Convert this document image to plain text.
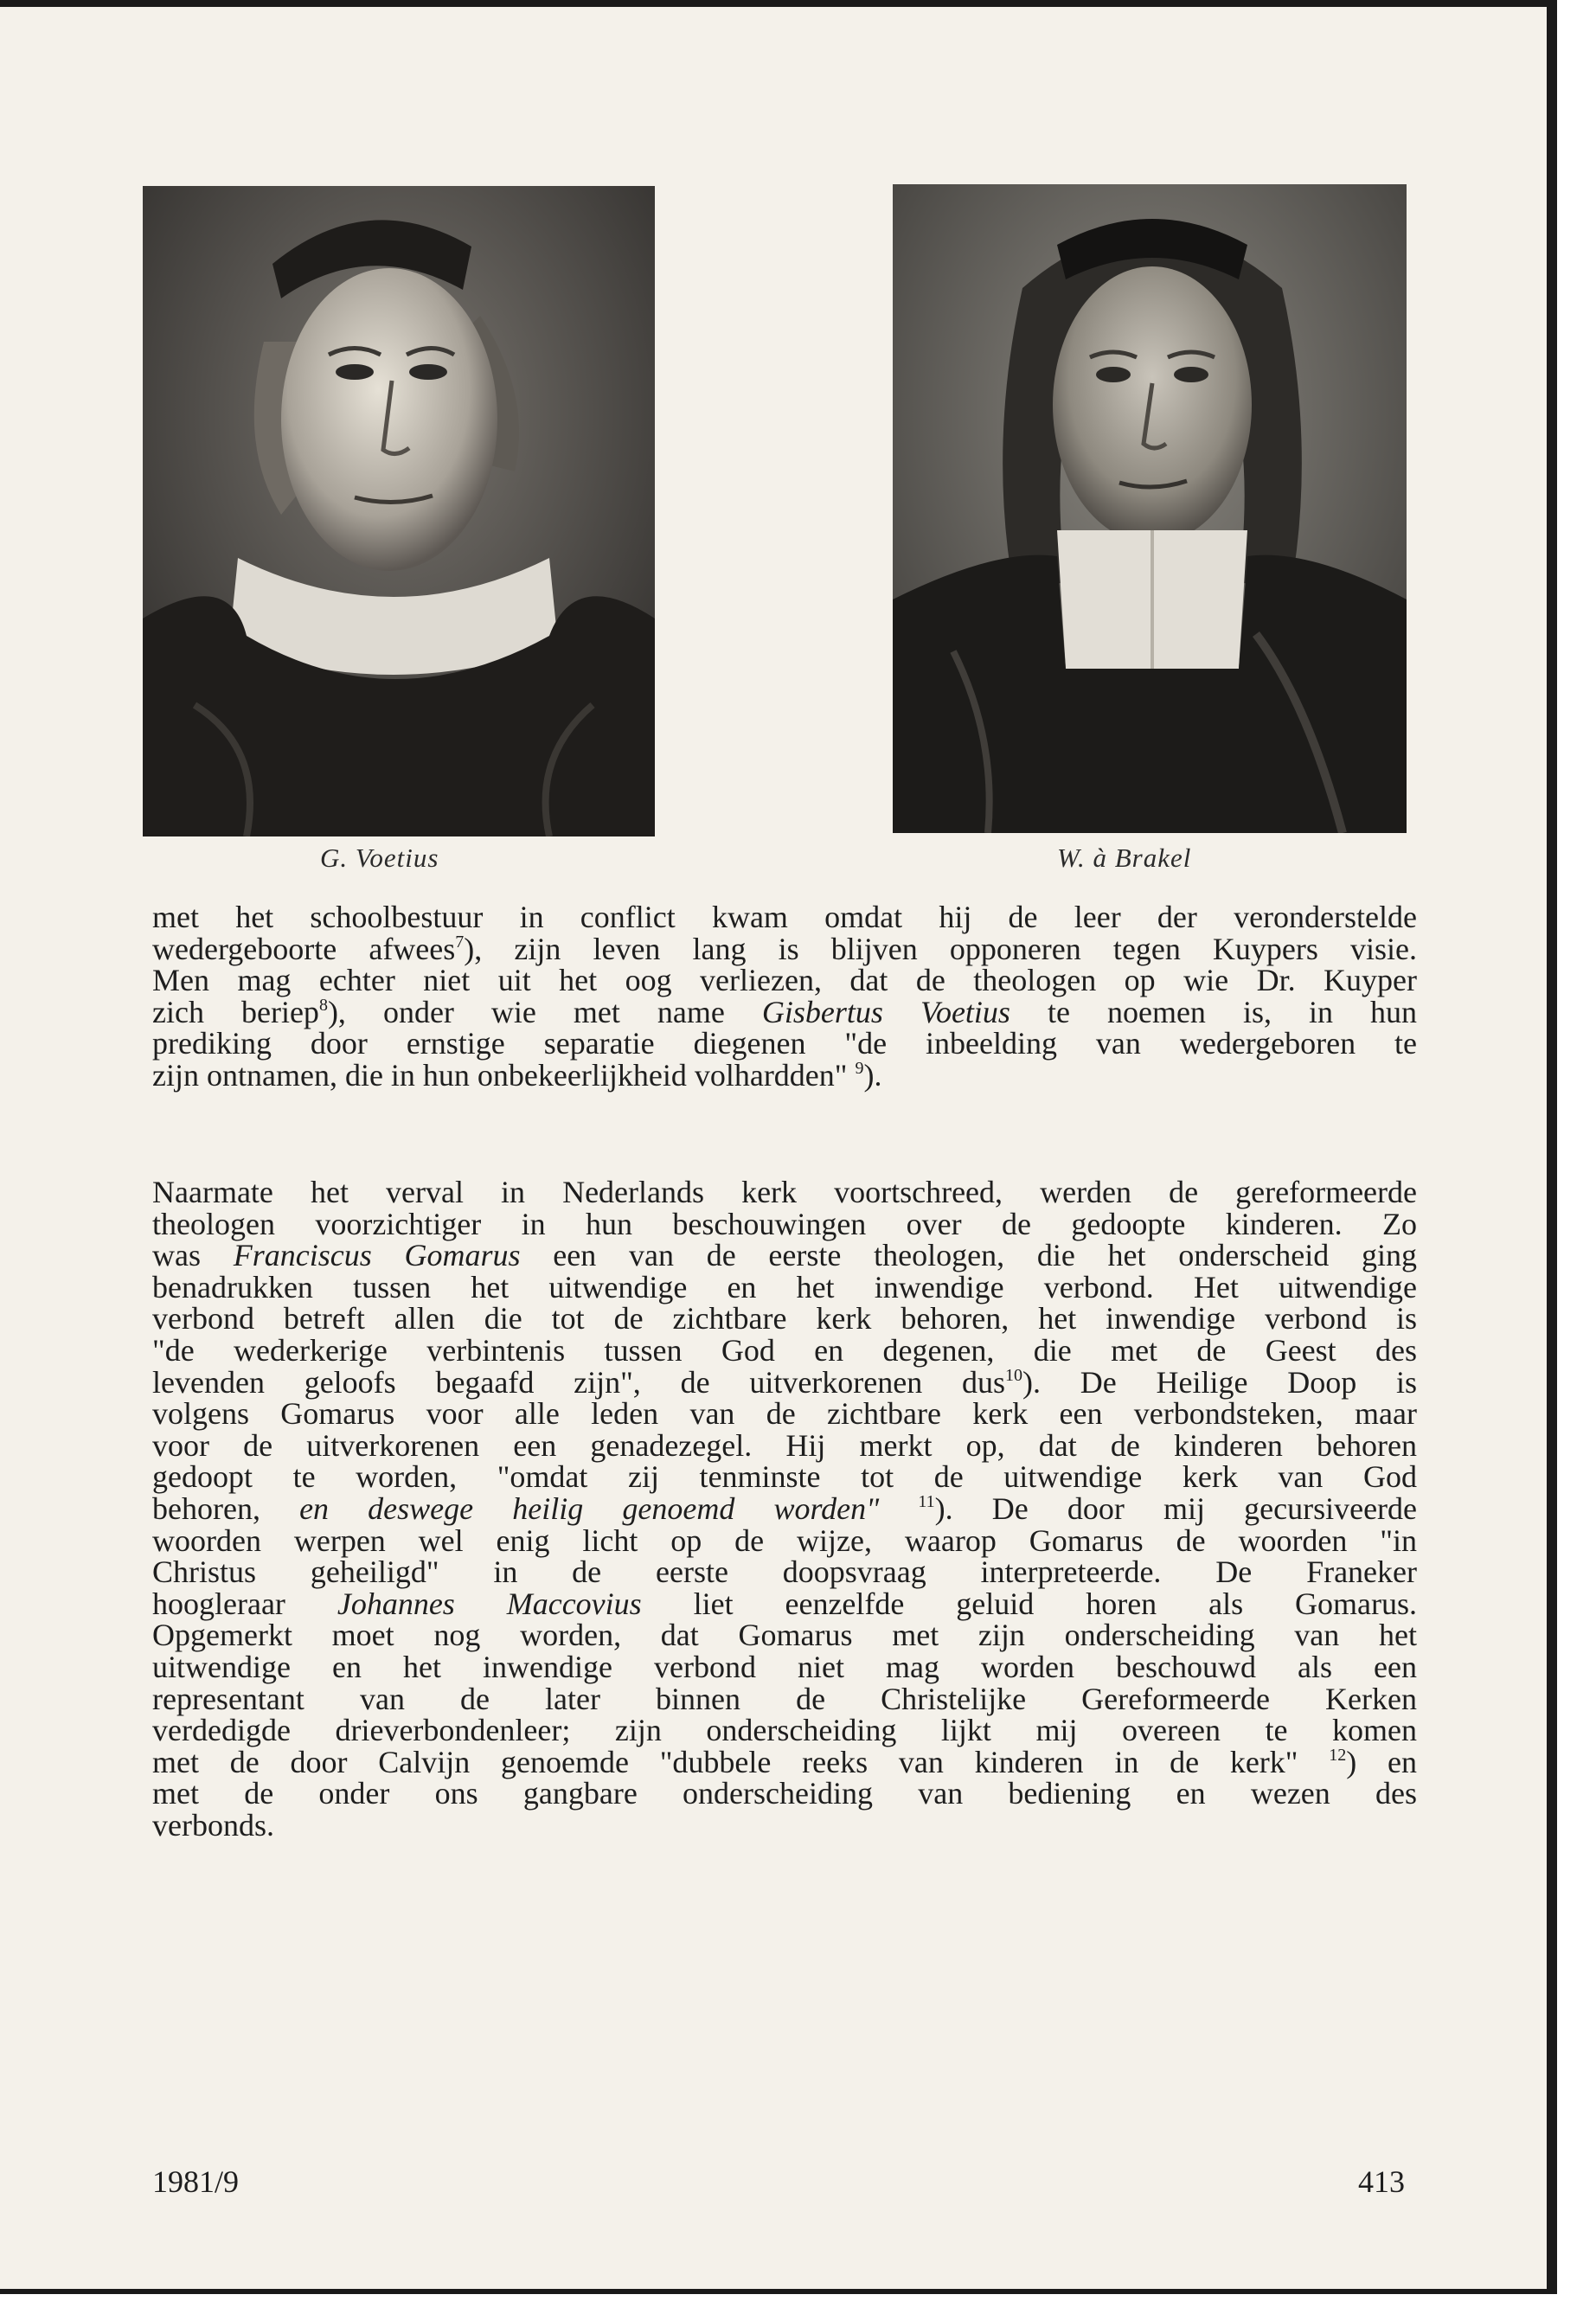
G. Voetius	W. à Brakel
met het schoolbestuur in conflict kwam omdat hij de leer der veronderstelde
wedergeboorte afwees$^7$), zijn leven lang is blijven opponeren tegen Kuypers visie.
Men mag echter niet uit het oog verliezen, dat de theologen op wie Dr. Kuyper
zich beriep$^8$), onder wie met name Gisbertus Voetius te noemen is, in hun
prediking door ernstige separatie diegenen "de inbeelding van wedergeboren te
zijn ontnamen, die in hun onbekeerlijkheid volhardden" $^9$).
Naarmate het verval in Nederlands kerk voortschreed, werden de gereformeerde
theologen voorzichtiger in hun beschouwingen over de gedoopte kinderen. Zo
was Franciscus Gomarus een van de eerste theologen, die het onderscheid ging
benadrukken tussen het uitwendige en het inwendige verbond. Het uitwendige
verbond betreft allen die tot de zichtbare kerk behoren, het inwendige verbond is
"de wederkerige verbintenis tussen God en degenen, die met de Geest des
levenden geloofs begaafd zijn", de uitverkorenen dus$^{10}$). De Heilige Doop is
volgens Gomarus voor alle leden van de zichtbare kerk een verbondsteken, maar
voor de uitverkorenen een genadezegel. Hij merkt op, dat de kinderen behoren
gedoopt te worden, "omdat zij tenminste tot de uitwendige kerk van God
behoren, en deswege heilig genoemd worden" $^{11}$). De door mij gecursiveerde
woorden werpen wel enig licht op de wijze, waarop Gomarus de woorden "in
Christus geheiligd" in de eerste doopsvraag interpreteerde. De Franeker
hoogleraar Johannes Maccovius liet eenzelfde geluid horen als Gomarus.
Opgemerkt moet nog worden, dat Gomarus met zijn onderscheiding van het
uitwendige en het inwendige verbond niet mag worden beschouwd als een
representant van de later binnen de Christelijke Gereformeerde Kerken
verdedigde drieverbondenleer; zijn onderscheiding lijkt mij overeen te komen
met de door Calvijn genoemde "dubbele reeks van kinderen in de kerk" $^{12}$) en
met de onder ons gangbare onderscheiding van bediening en wezen des
verbonds.
1981/9	413
